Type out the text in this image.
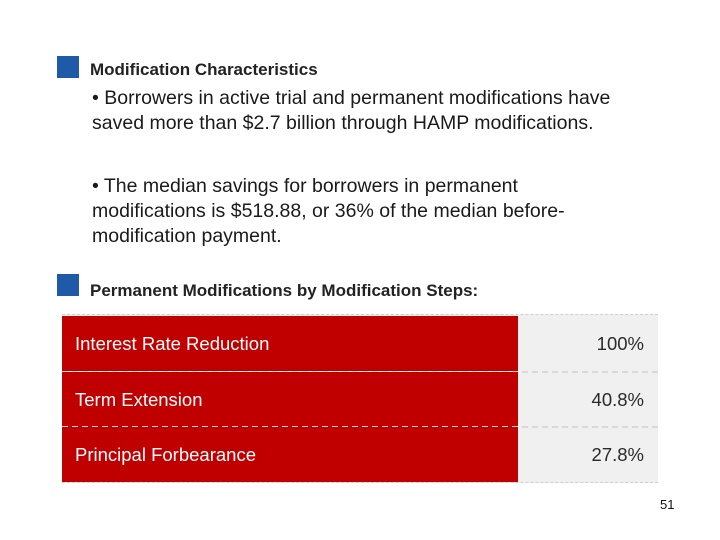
Modification Characteristics
• Borrowers in active trial and permanent modifications have saved more than $2.7 billion through HAMP modifications.
• The median savings for borrowers in permanent modifications is $518.88, or 36% of the median before-modification payment.
Permanent Modifications by Modification Steps:
Interest Rate Reduction	100%
Term Extension	40.8%
Principal Forbearance	27.8%
51
